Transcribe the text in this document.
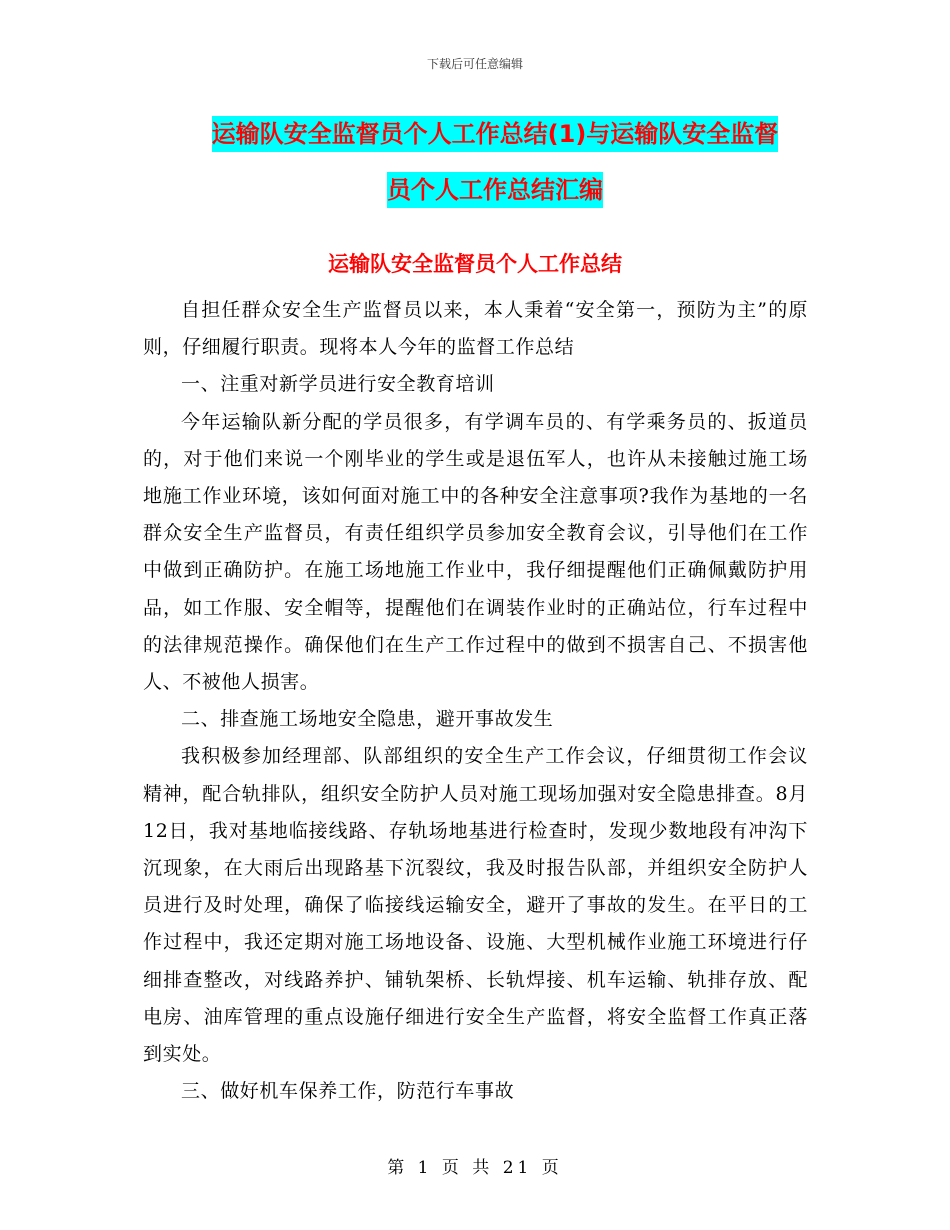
下载后可任意编辑
运输队安全监督员个人工作总结(1)与运输队安全监督
员个人工作总结汇编
运输队安全监督员个人工作总结

自担任群众安全生产监督员以来，本人秉着“安全第一，预防为主”的原则，仔细履行职责。现将本人今年的监督工作总结

一、注重对新学员进行安全教育培训

今年运输队新分配的学员很多，有学调车员的、有学乘务员的、扳道员的，对于他们来说一个刚毕业的学生或是退伍军人，也许从未接触过施工场地施工作业环境，该如何面对施工中的各种安全注意事项?我作为基地的一名群众安全生产监督员，有责任组织学员参加安全教育会议，引导他们在工作中做到正确防护。在施工场地施工作业中，我仔细提醒他们正确佩戴防护用品，如工作服、安全帽等，提醒他们在调装作业时的正确站位，行车过程中的法律规范操作。确保他们在生产工作过程中的做到不损害自己、不损害他人、不被他人损害。

二、排查施工场地安全隐患，避开事故发生

我积极参加经理部、队部组织的安全生产工作会议，仔细贯彻工作会议精神，配合轨排队，组织安全防护人员对施工现场加强对安全隐患排查。8月12日，我对基地临接线路、存轨场地基进行检查时，发现少数地段有冲沟下沉现象，在大雨后出现路基下沉裂纹，我及时报告队部，并组织安全防护人员进行及时处理，确保了临接线运输安全，避开了事故的发生。在平日的工作过程中，我还定期对施工场地设备、设施、大型机械作业施工环境进行仔细排查整改，对线路养护、铺轨架桥、长轨焊接、机车运输、轨排存放、配电房、油库管理的重点设施仔细进行安全生产监督，将安全监督工作真正落到实处。

三、做好机车保养工作，防范行车事故

第 1 页 共 21 页
